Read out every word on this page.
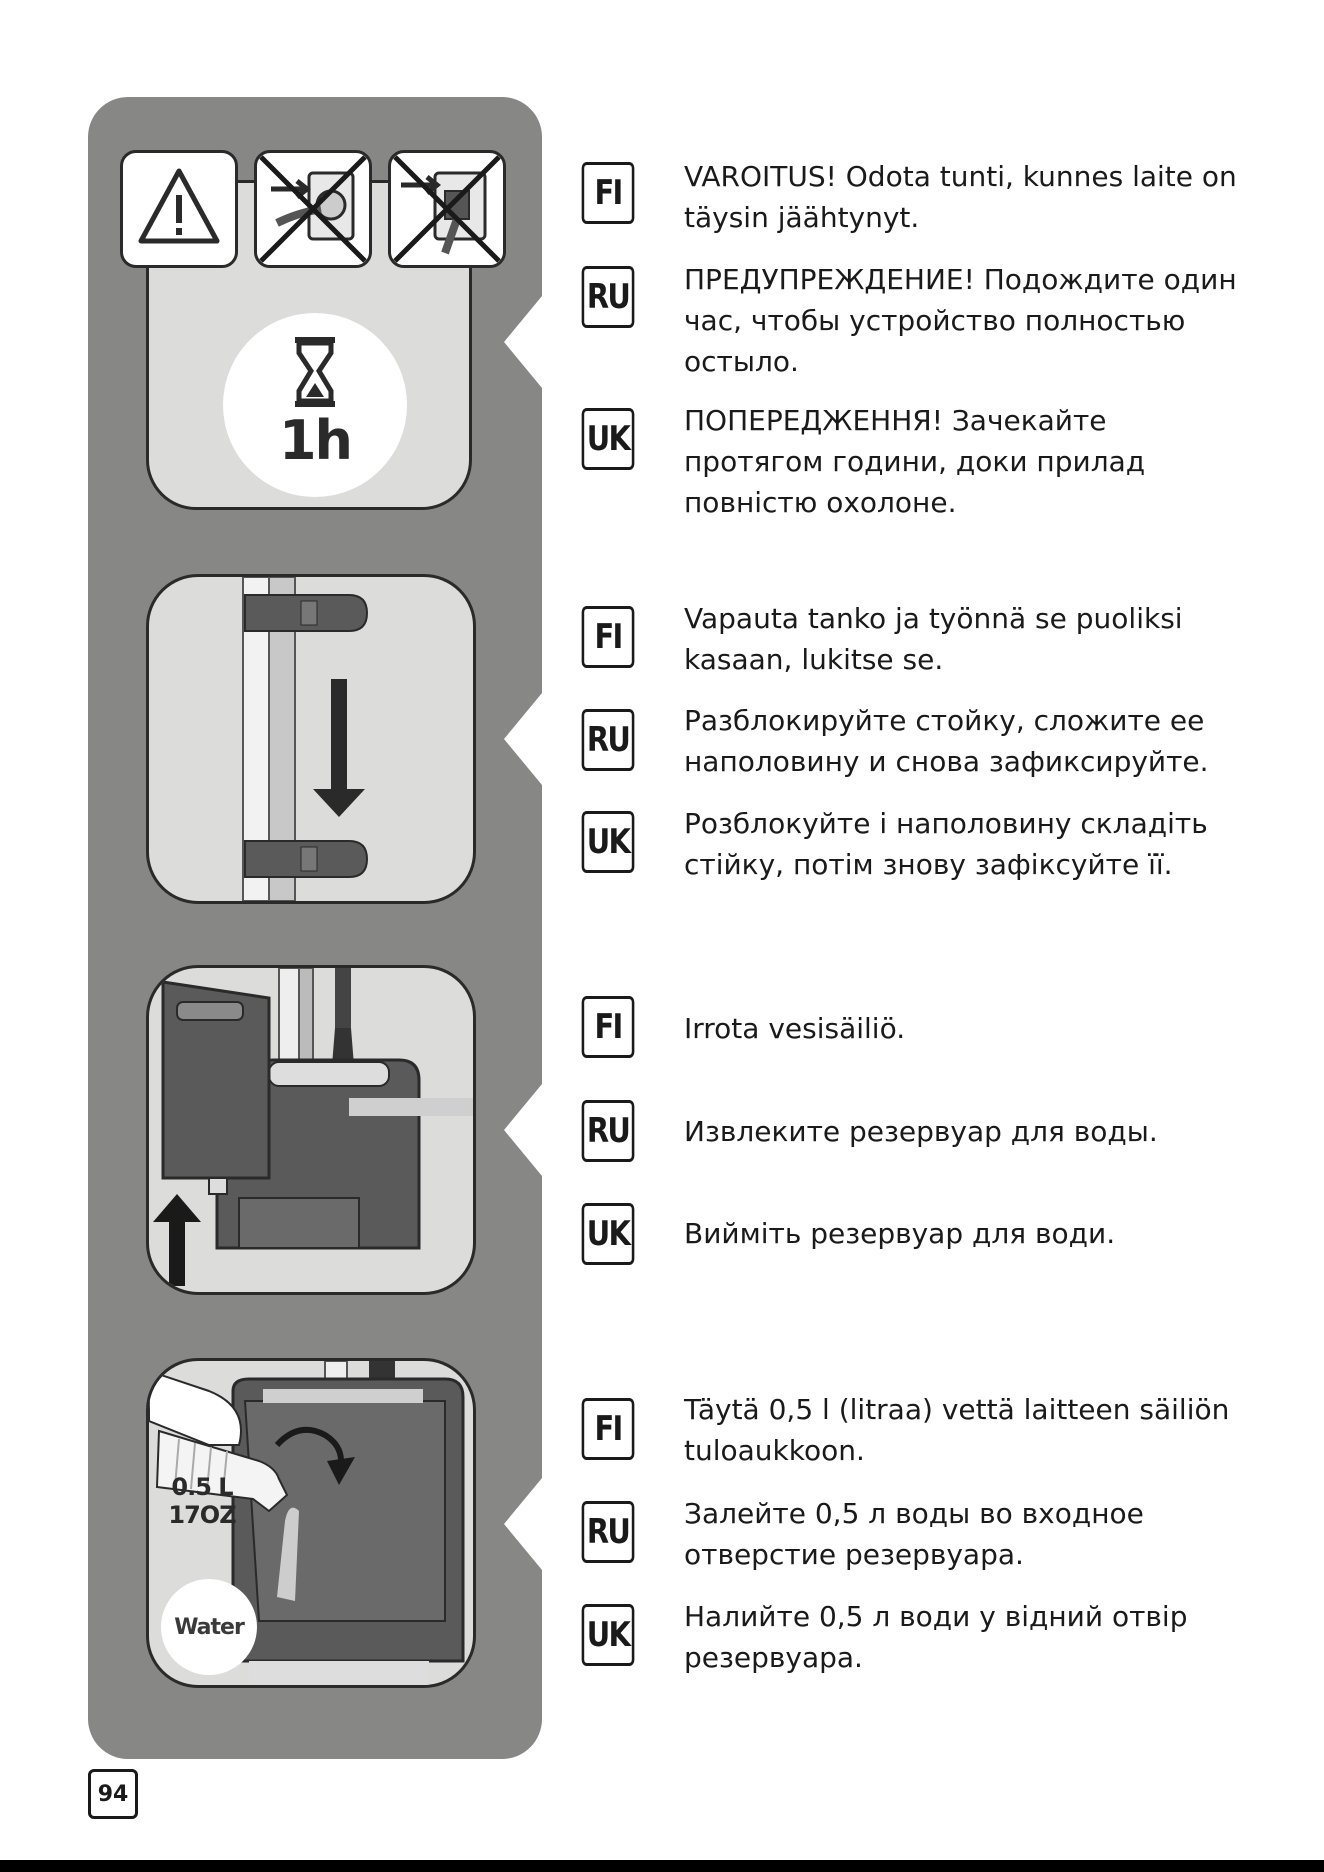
1h
0.5 L
17OZ
Water
FI	VAROITUS! Odota tunti, kunnes laite on täysin jäähtynyt.
RU ПРЕДУПРЕЖДЕНИЕ! Подождите один час, чтобы устройство полностью остыло.
UK ПОПЕРЕДЖЕННЯ! Зачекайте протягом години, доки прилад повністю охолоне.
FI	Vapauta tanko ja työnnä se puoliksi kasaan, lukitse se.
RU Разблокируйте стойку, сложите ее наполовину и снова зафиксируйте.
UK Розблокуйте і наполовину складіть стійку, потім знову зафіксуйте її.
FI	Irrota vesisäiliö.
RU Извлеките резервуар для воды.
UK Вийміть резервуар для води.
FI	Täytä 0,5 l (litraa) vettä laitteen säiliön tuloaukkoon.
RU Залейте 0,5 л воды во входное отверстие резервуара.
UK Налийте 0,5 л води у відний отвір резервуара.
94
